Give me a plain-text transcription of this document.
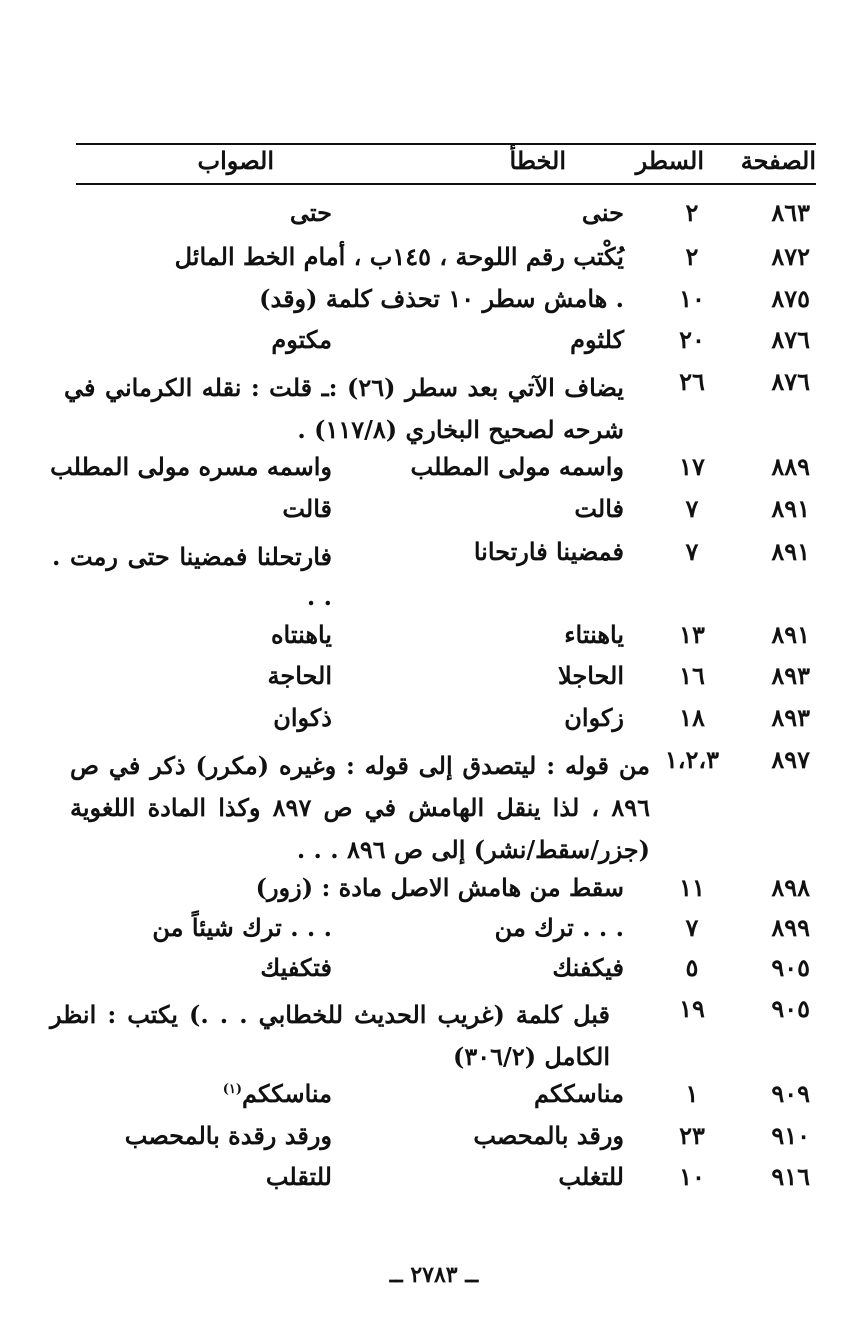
الصفحة
السطر
الخطأ
الصواب
٨٦٣
٢
حنى
حتى
٨٧٢
٢
يُكْتب رقم اللوحة ، ١٤٥ب ، أمام الخط المائل
٨٧٥
١٠
هامش سطر ١٠ تحذف كلمة (وقد) .
٨٧٦
٢٠
كلثوم
مكتوم
٨٧٦
٢٦
يضاف الآتي بعد سطر (٢٦) :ـ قلت : نقله الكرماني في شرحه لصحيح البخاري (١١٧/٨) .
٨٨٩
١٧
واسمه مولى المطلب
واسمه مسره مولى المطلب
٨٩١
٧
فالت
قالت
٨٩١
٧
فمضينا فارتحانا
فارتحلنا فمضينا حتى رمت . . .
٨٩١
١٣
ياهنتاء
ياهنتاه
٨٩٣
١٦
الحاجلا
الحاجة
٨٩٣
١٨
زكوان
ذكوان
٨٩٧
١،٢،٣
من قوله : ليتصدق إلى قوله : وغيره (مكرر) ذكر في ص ٨٩٦ ، لذا ينقل الهامش في ص ٨٩٧ وكذا المادة اللغوية (جزر/سقط/نشر) إلى ص ٨٩٦ . . .
٨٩٨
١١
سقط من هامش الاصل مادة : (زور)
٨٩٩
٧
ترك من . . .
ترك شيئاً من . . .
٩٠٥
٥
فيكفنك
فتكفيك
٩٠٥
١٩
قبل كلمة (غريب الحديث للخطابي . . .) يكتب : انظر الكامل (٣٠٦/٢)
٩٠٩
١
مناسككم
مناسككم$^{(١)}$
٩١٠
٢٣
ورقد بالمحصب
ورقد رقدة بالمحصب
٩١٦
١٠
للتغلب
للتقلب
ــ ٢٧٨٣ ــ
